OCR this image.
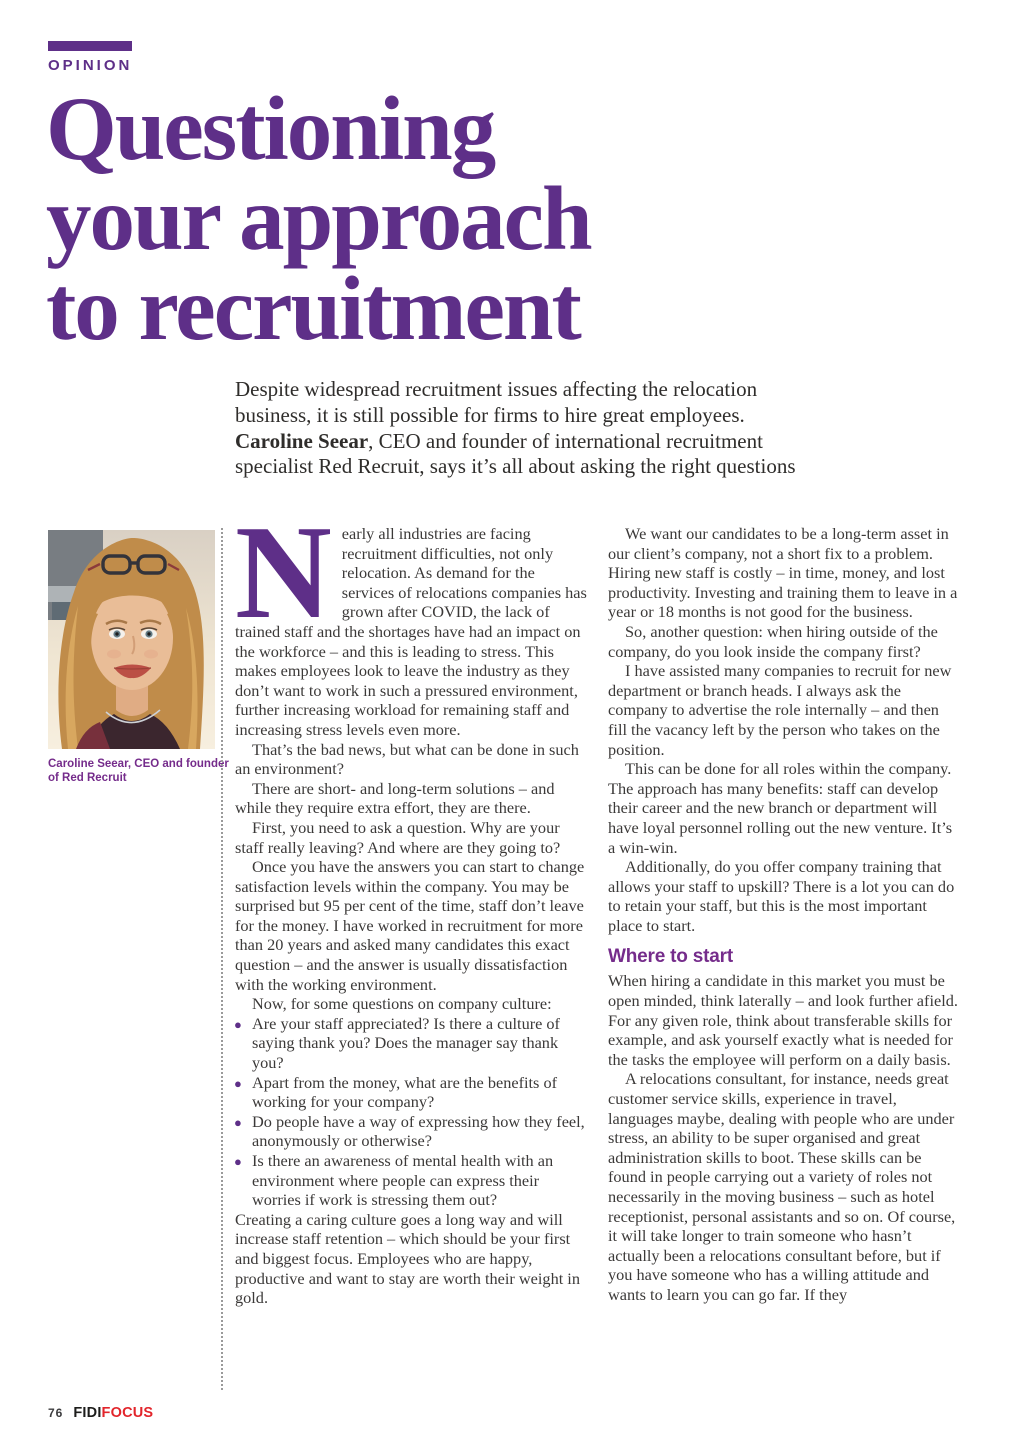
OPINION
Questioning
your approach
to recruitment
Despite widespread recruitment issues affecting the relocation
business, it is still possible for firms to hire great employees.
Caroline Seear, CEO and founder of international recruitment
specialist Red Recruit, says it’s all about asking the right questions
Caroline Seear, CEO and founder of Red Recruit

Nearly all industries are facing recruitment difficulties, not only relocation. As demand for the services of relocations companies has grown after COVID, the lack of trained staff and the shortages have had an impact on the workforce – and this is leading to stress. This makes employees look to leave the industry as they don’t want to work in such a pressured environment, further increasing workload for remaining staff and increasing stress levels even more.

That’s the bad news, but what can be done in such an environment?

There are short- and long-term solutions – and while they require extra effort, they are there.

First, you need to ask a question. Why are your staff really leaving? And where are they going to?

Once you have the answers you can start to change satisfaction levels within the company. You may be surprised but 95 per cent of the time, staff don’t leave for the money. I have worked in recruitment for more than 20 years and asked many candidates this exact question – and the answer is usually dissatisfaction with the working environment.

Now, for some questions on company culture:

● Are your staff appreciated? Is there a culture of saying thank you? Does the manager say thank you?
● Apart from the money, what are the benefits of working for your company?
● Do people have a way of expressing how they feel, anonymously or otherwise?
● Is there an awareness of mental health with an environment where people can express their worries if work is stressing them out?

Creating a caring culture goes a long way and will increase staff retention – which should be your first and biggest focus. Employees who are happy, productive and want to stay are worth their weight in gold.

We want our candidates to be a long-term asset in our client’s company, not a short fix to a problem. Hiring new staff is costly – in time, money, and lost productivity. Investing and training them to leave in a year or 18 months is not good for the business.

So, another question: when hiring outside of the company, do you look inside the company first?

I have assisted many companies to recruit for new department or branch heads. I always ask the company to advertise the role internally – and then fill the vacancy left by the person who takes on the position.

This can be done for all roles within the company. The approach has many benefits: staff can develop their career and the new branch or department will have loyal personnel rolling out the new venture. It’s a win-win.

Additionally, do you offer company training that allows your staff to upskill? There is a lot you can do to retain your staff, but this is the most important place to start.

Where to start

When hiring a candidate in this market you must be open minded, think laterally – and look further afield. For any given role, think about transferable skills for example, and ask yourself exactly what is needed for the tasks the employee will perform on a daily basis.

A relocations consultant, for instance, needs great customer service skills, experience in travel, languages maybe, dealing with people who are under stress, an ability to be super organised and great administration skills to boot. These skills can be found in people carrying out a variety of roles not necessarily in the moving business – such as hotel receptionist, personal assistants and so on. Of course, it will take longer to train someone who hasn’t actually been a relocations consultant before, but if you have someone who has a willing attitude and wants to learn you can go far. If they

76 FIDIFOCUS
